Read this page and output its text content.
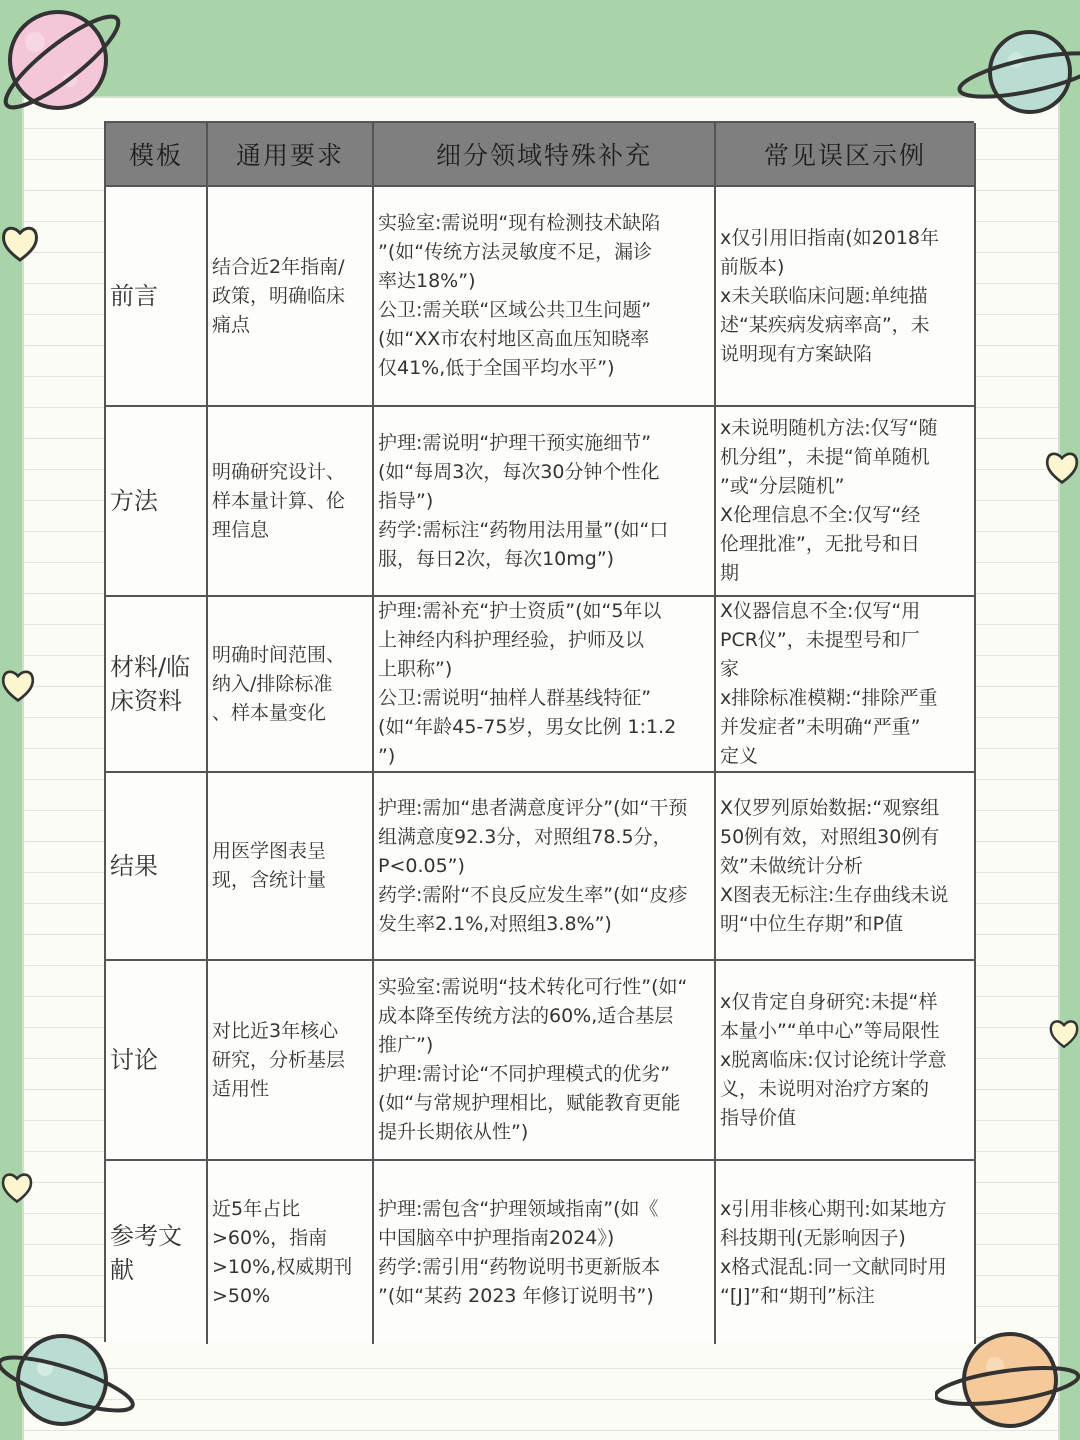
模板 通用要求	细分领域特殊补充	常见误区示例
前言
结合近2年指南/
政策，明确临床
痛点
实验室:需说明“现有检测技术缺陷
”(如“传统方法灵敏度不足，漏诊
率达18%”)
公卫:需关联“区域公共卫生问题”
(如“XX市农村地区高血压知晓率
仅41%,低于全国平均水平”)
x仅引用旧指南(如2018年
前版本)
x未关联临床问题:单纯描
述“某疾病发病率高”，未
说明现有方案缺陷
方法
明确研究设计、
样本量计算、伦
理信息
护理:需说明“护理干预实施细节”
(如“每周3次，每次30分钟个性化
指导”)
药学:需标注“药物用法用量”(如“口
服，每日2次，每次10mg”)
x未说明随机方法:仅写“随
机分组”，未提“简单随机
”或“分层随机”
X伦理信息不全:仅写“经
伦理批准”，无批号和日
期
材料/临
床资料
明确时间范围、
纳入/排除标准
、样本量变化
护理:需补充“护士资质”(如“5年以
上神经内科护理经验，护师及以
上职称”)
公卫:需说明“抽样人群基线特征”
(如“年龄45-75岁，男女比例 1:1.2
”)
X仪器信息不全:仅写“用
PCR仪”，未提型号和厂
家
x排除标准模糊:“排除严重
并发症者”未明确“严重”
定义
结果
用医学图表呈
现，含统计量
护理:需加“患者满意度评分”(如“干预
组满意度92.3分，对照组78.5分，
P<0.05”)
药学:需附“不良反应发生率”(如“皮疹
发生率2.1%,对照组3.8%”)
X仅罗列原始数据:“观察组
50例有效，对照组30例有
效”未做统计分析
X图表无标注:生存曲线未说
明“中位生存期”和P值
讨论
对比近3年核心
研究，分析基层
适用性
实验室:需说明“技术转化可行性”(如“
成本降至传统方法的60%,适合基层
推广”)
护理:需讨论“不同护理模式的优劣”
(如“与常规护理相比，赋能教育更能
提升长期依从性”)
x仅肯定自身研究:未提“样
本量小”“单中心”等局限性
x脱离临床:仅讨论统计学意
义，未说明对治疗方案的
指导价值
参考文
献
近5年占比
>60%，指南
>10%,权威期刊
>50%
护理:需包含“护理领域指南”(如《
中国脑卒中护理指南2024》)
药学:需引用“药物说明书更新版本
”(如“某药 2023 年修订说明书”)
x引用非核心期刊:如某地方
科技期刊(无影响因子)
x格式混乱:同一文献同时用
“[J]”和“期刊”标注
